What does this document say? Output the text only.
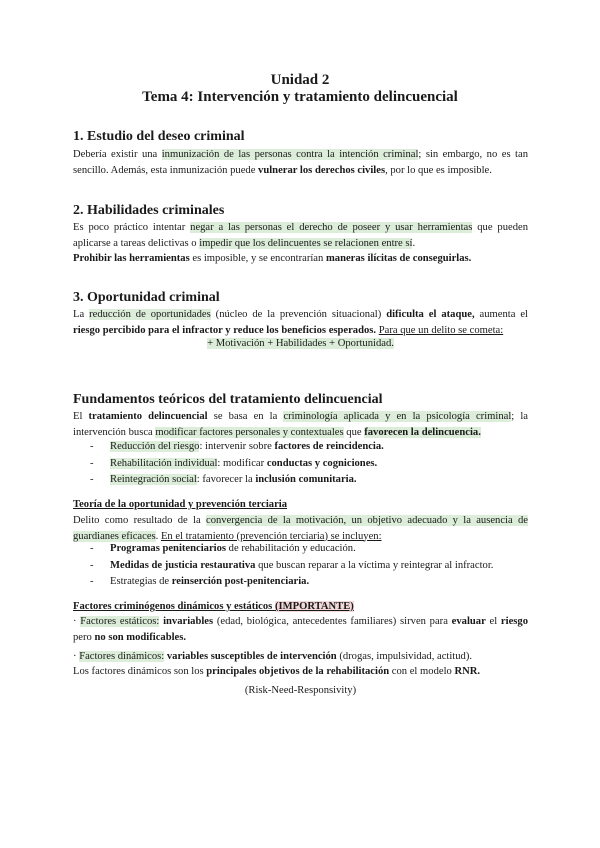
Unidad 2
Tema 4: Intervención y tratamiento delincuencial
1. Estudio del deseo criminal

Debería existir una inmunización de las personas contra la intención criminal; sin embargo, no es tan sencillo. Además, esta inmunización puede vulnerar los derechos civiles, por lo que es imposible.

2. Habilidades criminales

Es poco práctico intentar negar a las personas el derecho de poseer y usar herramientas que pueden aplicarse a tareas delictivas o impedir que los delincuentes se relacionen entre sí.
Prohibir las herramientas es imposible, y se encontrarían maneras ilícitas de conseguirlas.

3. Oportunidad criminal

La reducción de oportunidades (núcleo de la prevención situacional) dificulta el ataque, aumenta el riesgo percibido para el infractor y reduce los beneficios esperados. Para que un delito se cometa:

+ Motivación + Habilidades + Oportunidad.
Fundamentos teóricos del tratamiento delincuencial

El tratamiento delincuencial se basa en la criminología aplicada y en la psicología criminal; la intervención busca modificar factores personales y contextuales que favorecen la delincuencia.

- Reducción del riesgo: intervenir sobre factores de reincidencia.
- Rehabilitación individual: modificar conductas y cogniciones.
- Reintegración social: favorecer la inclusión comunitaria.
Teoría de la oportunidad y prevención terciaria

Delito como resultado de la convergencia de la motivación, un objetivo adecuado y la ausencia de guardianes eficaces. En el tratamiento (prevención terciaria) se incluyen:

- Programas penitenciarios de rehabilitación y educación.
- Medidas de justicia restaurativa que buscan reparar a la víctima y reintegrar al infractor.
- Estrategias de reinserción post-penitenciaria.
Factores criminógenos dinámicos y estáticos (IMPORTANTE)

· Factores estáticos: invariables (edad, biológica, antecedentes familiares) sirven para evaluar el riesgo pero no son modificables.

· Factores dinámicos: variables susceptibles de intervención (drogas, impulsividad, actitud).
Los factores dinámicos son los principales objetivos de la rehabilitación con el modelo RNR.
(Risk-Need-Responsivity)
